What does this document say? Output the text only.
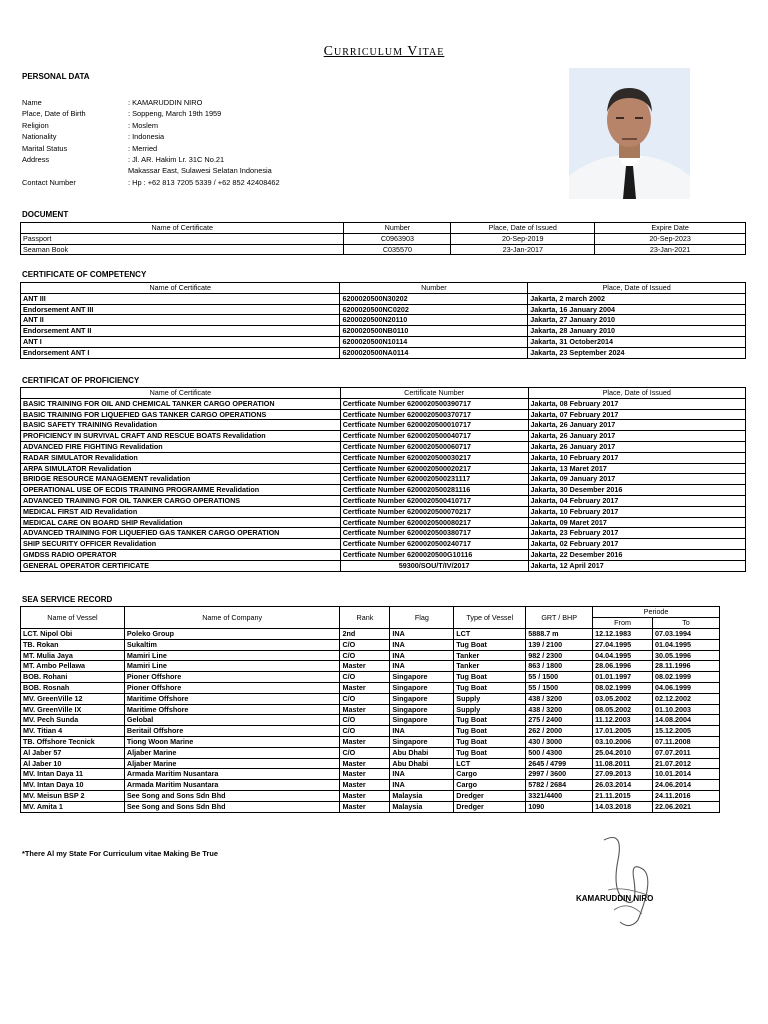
Curriculum Vitae
PERSONAL DATA
Name	: KAMARUDDIN NIRO
Place, Date of Birth	: Soppeng, March 19th 1959
Religion	: Moslem
Nationality	: Indonesia
Marital Status	: Merried
Address	: Jl. AR. Hakim Lr. 31C No.21
Makassar East, Sulawesi Selatan Indonesia
Contact Number	: Hp : +62 813 7205 5339 / +62 852 42408462
DOCUMENT
Name of Certificate	Number	Place, Date of Issued	Expire Date
Passport	C0963903	20-Sep-2019	20-Sep-2023
Seaman Book	C035570	23-Jan-2017	23-Jan-2021
CERTIFICATE OF COMPETENCY
Name of Certificate	Number	Place, Date of Issued
ANT III	6200020500N30202	Jakarta, 2 march 2002
Endorsement ANT III	6200020500NC0202	Jakarta, 16 January 2004
ANT II	6200020500N20110	Jakarta, 27 January 2010
Endorsement ANT II	6200020500NB0110	Jakarta, 28 January 2010
ANT I	6200020500N10114	Jakarta, 31 October2014
Endorsement ANT I	6200020500NA0114	Jakarta, 23 September 2024
CERTIFICAT OF PROFICIENCY
Name of Certificate	Certificate Number	Place, Date of Issued
BASIC TRAINING FOR OIL AND CHEMICAL TANKER CARGO OPERATION	Certficate Number 6200020500390717	Jakarta, 08 February 2017
BASIC TRAINING FOR LIQUEFIED GAS TANKER CARGO OPERATIONS	Certficate Number 6200020500370717	Jakarta, 07 February 2017
BASIC SAFETY TRAINING Revalidation	Certficate Number 6200020500010717	Jakarta, 26 January 2017
PROFICIENCY IN SURVIVAL CRAFT AND RESCUE BOATS Revalidation	Certficate Number 6200020500040717	Jakarta, 26 January 2017
ADVANCED FIRE FIGHTING Revalidation	Certficate Number 6200020500060717	Jakarta, 26 January 2017
RADAR SIMULATOR Revalidation	Certficate Number 6200020500030217	Jakarta, 10 February 2017
ARPA SIMULATOR Revalidation	Certficate Number 6200020500020217	Jakarta, 13 Maret 2017
BRIDGE RESOURCE MANAGEMENT revalidation	Certficate Number 6200020500231117	Jakarta, 09 January 2017
OPERATIONAL USE OF ECDIS TRAINING PROGRAMME Revalidation	Certficate Number 6200020500281116	Jakarta, 30 Desember 2016
ADVANCED TRAINING FOR OIL TANKER CARGO OPERATIONS	Certficate Number 6200020500410717	Jakarta, 04 February 2017
MEDICAL FIRST AID Revalidation	Certficate Number 6200020500070217	Jakarta, 10 February 2017
MEDICAL CARE ON BOARD SHIP Revalidation	Certficate Number 6200020500080217	Jakarta, 09 Maret 2017
ADVANCED TRAINING FOR LIQUEFIED GAS TANKER CARGO OPERATION	Certficate Number 6200020500380717	Jakarta, 23 February 2017
SHIP SECURITY OFFICER Revalidation	Certficate Number 6200020500240717	Jakarta, 02 February 2017
GMDSS RADIO OPERATOR	Certficate Number 6200020500G10116	Jakarta, 22 Desember 2016
GENERAL OPERATOR CERTIFICATE	59300/SOU/T/IV/2017	Jakarta, 12 April 2017
SEA SERVICE RECORD
Name of Vessel	Name of Company	Rank	Flag	Type of Vessel	GRT / BHP	Periode	
						From	To
LCT. Nipol Obi	Poleko Group	2nd	INA	LCT	5888.7 m	12.12.1983	07.03.1994
TB. Rokan	Sukaltim	C/O	INA	Tug Boat	139 / 2100	27.04.1995	01.04.1995
MT. Mulia Jaya	Mamiri Line	C/O	INA	Tanker	982 / 2300	04.04.1995	30.05.1996
MT. Ambo Pellawa	Mamiri Line	Master	INA	Tanker	863 / 1800	28.06.1996	28.11.1996
BOB. Rohani	Pioner Offshore	C/O	Singapore	Tug Boat	55 / 1500	01.01.1997	08.02.1999
BOB. Rosnah	Pioner Offshore	Master	Singapore	Tug Boat	55 / 1500	08.02.1999	04.06.1999
MV. GreenVille 12	Maritime Offshore	C/O	Singapore	Supply	438 / 3200	03.05.2002	02.12.2002
MV. GreenVille IX	Maritime Offshore	Master	Singapore	Supply	438 / 3200	08.05.2002	01.10.2003
MV. Pech Sunda	Gelobal	C/O	Singapore	Tug Boat	275 / 2400	11.12.2003	14.08.2004
MV. Titian 4	Beritail Offshore	C/O	INA	Tug Boat	262 / 2000	17.01.2005	15.12.2005
TB. Offshore Tecnick	Tiong Woon Marine	Master	Singapore	Tug Boat	430 / 3000	03.10.2006	07.11.2008
Al Jaber 57	Aljaber Marine	C/O	Abu Dhabi	Tug Boat	500 / 4300	25.04.2010	07.07.2011
Al Jaber 10	Aljaber Marine	Master	Abu Dhabi	LCT	2645 / 4799	11.08.2011	21.07.2012
MV. Intan Daya 11	Armada Maritim Nusantara	Master	INA	Cargo	2997 / 3600	27.09.2013	10.01.2014
MV. Intan Daya 10	Armada Maritim Nusantara	Master	INA	Cargo	5782 / 2684	26.03.2014	24.06.2014
MV. Meisun BSP 2	See Song and Sons Sdn Bhd	Master	Malaysia	Dredger	3321/4400	21.11.2015	24.11.2016
MV. Amita 1	See Song and Sons Sdn Bhd	Master	Malaysia	Dredger	1090	14.03.2018	22.06.2021
*There Al my State For Curriculum vitae Making Be True
KAMARUDDIN NIRO
